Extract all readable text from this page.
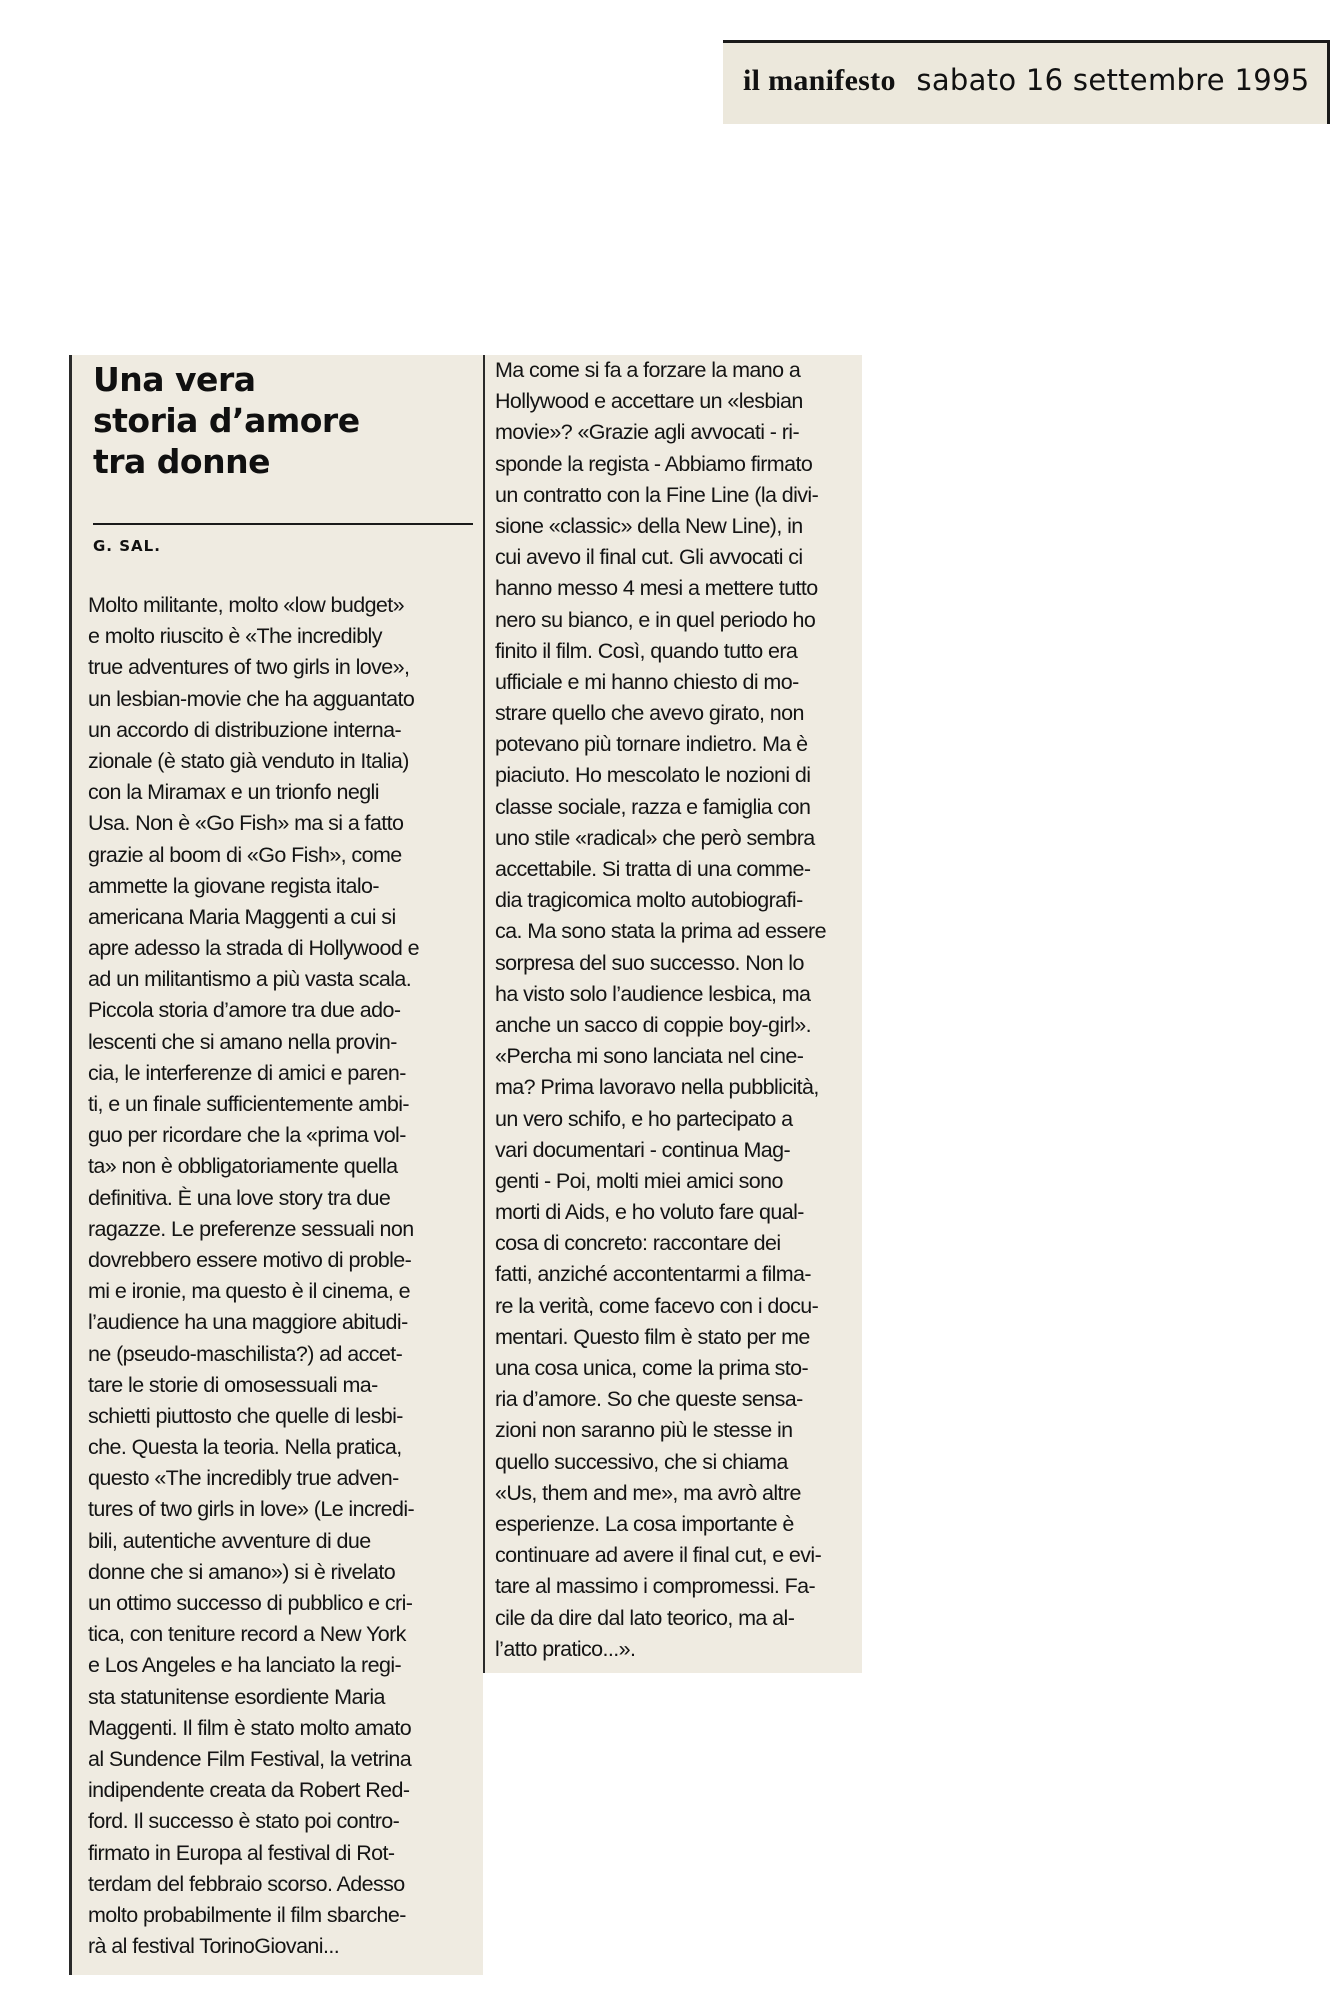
il manifesto sabato 16 settembre 1995
Una vera
storia d’amore
tra donne
G. SAL.
Molto militante, molto «low budget»
e molto riuscito è «The incredibly
true adventures of two girls in love»,
un lesbian-movie che ha agguantato
un accordo di distribuzione interna-
zionale (è stato già venduto in Italia)
con la Miramax e un trionfo negli
Usa. Non è «Go Fish» ma si a fatto
grazie al boom di «Go Fish», come
ammette la giovane regista italo-
americana Maria Maggenti a cui si
apre adesso la strada di Hollywood e
ad un militantismo a più vasta scala.
Piccola storia d’amore tra due ado-
lescenti che si amano nella provin-
cia, le interferenze di amici e paren-
ti, e un finale sufficientemente ambi-
guo per ricordare che la «prima vol-
ta» non è obbligatoriamente quella
definitiva. È una love story tra due
ragazze. Le preferenze sessuali non
dovrebbero essere motivo di proble-
mi e ironie, ma questo è il cinema, e
l’audience ha una maggiore abitudi-
ne (pseudo-maschilista?) ad accet-
tare le storie di omosessuali ma-
schietti piuttosto che quelle di lesbi-
che. Questa la teoria. Nella pratica,
questo «The incredibly true adven-
tures of two girls in love» (Le incredi-
bili, autentiche avventure di due
donne che si amano») si è rivelato
un ottimo successo di pubblico e cri-
tica, con teniture record a New York
e Los Angeles e ha lanciato la regi-
sta statunitense esordiente Maria
Maggenti. Il film è stato molto amato
al Sundence Film Festival, la vetrina
indipendente creata da Robert Red-
ford. Il successo è stato poi contro-
firmato in Europa al festival di Rot-
terdam del febbraio scorso. Adesso
molto probabilmente il film sbarche-
rà al festival TorinoGiovani...
Ma come si fa a forzare la mano a
Hollywood e accettare un «lesbian
movie»? «Grazie agli avvocati - ri-
sponde la regista - Abbiamo firmato
un contratto con la Fine Line (la divi-
sione «classic» della New Line), in
cui avevo il final cut. Gli avvocati ci
hanno messo 4 mesi a mettere tutto
nero su bianco, e in quel periodo ho
finito il film. Così, quando tutto era
ufficiale e mi hanno chiesto di mo-
strare quello che avevo girato, non
potevano più tornare indietro. Ma è
piaciuto. Ho mescolato le nozioni di
classe sociale, razza e famiglia con
uno stile «radical» che però sembra
accettabile. Si tratta di una comme-
dia tragicomica molto autobiografi-
ca. Ma sono stata la prima ad essere
sorpresa del suo successo. Non lo
ha visto solo l’audience lesbica, ma
anche un sacco di coppie boy-girl».
«Percha mi sono lanciata nel cine-
ma? Prima lavoravo nella pubblicità,
un vero schifo, e ho partecipato a
vari documentari - continua Mag-
genti - Poi, molti miei amici sono
morti di Aids, e ho voluto fare qual-
cosa di concreto: raccontare dei
fatti, anziché accontentarmi a filma-
re la verità, come facevo con i docu-
mentari. Questo film è stato per me
una cosa unica, come la prima sto-
ria d’amore. So che queste sensa-
zioni non saranno più le stesse in
quello successivo, che si chiama
«Us, them and me», ma avrò altre
esperienze. La cosa importante è
continuare ad avere il final cut, e evi-
tare al massimo i compromessi. Fa-
cile da dire dal lato teorico, ma al-
l’atto pratico...».
